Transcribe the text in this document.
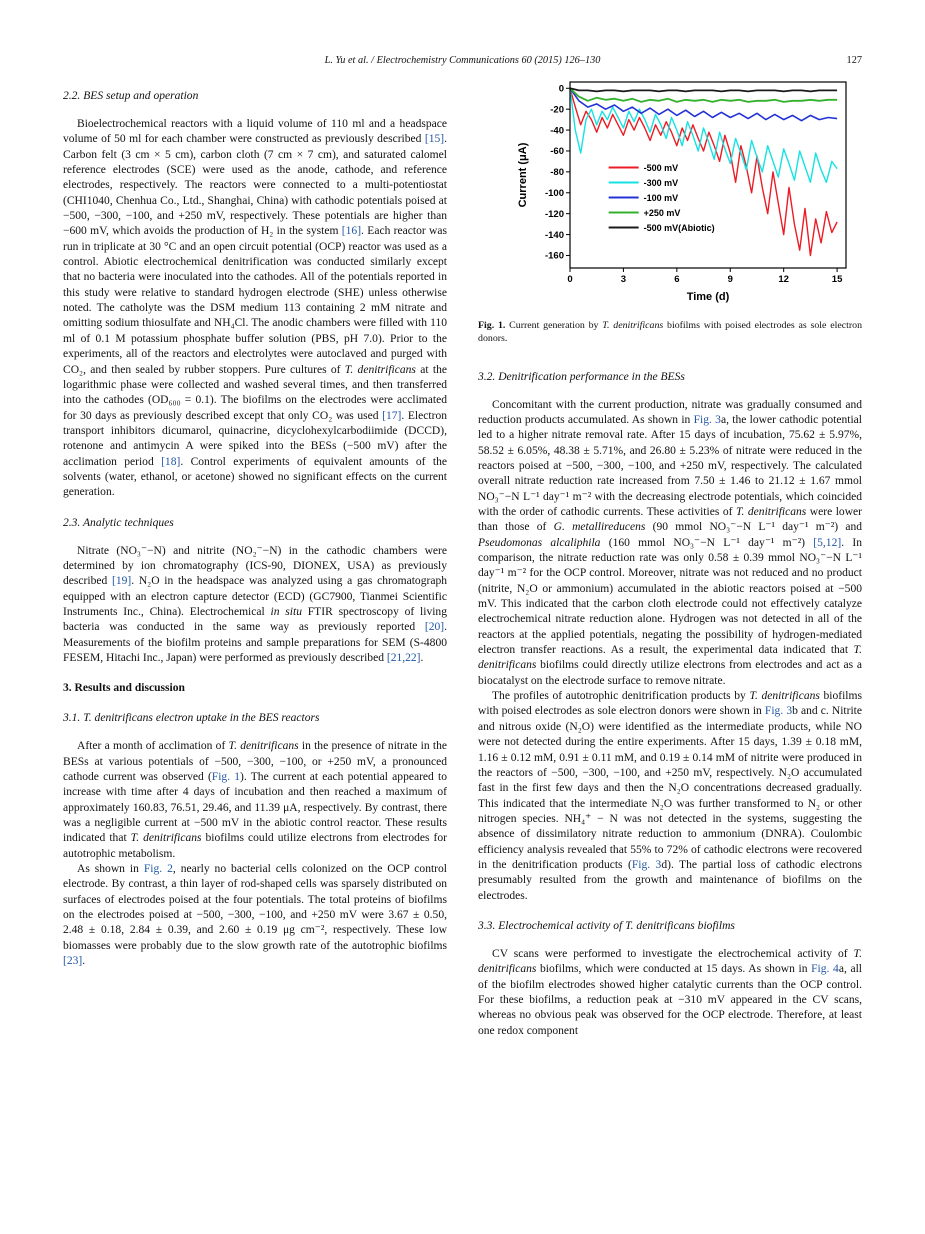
L. Yu et al. / Electrochemistry Communications 60 (2015) 126–130	127
2.2. BES setup and operation

Bioelectrochemical reactors with a liquid volume of 110 ml and a headspace volume of 50 ml for each chamber were constructed as previously described [15]. Carbon felt (3 cm × 5 cm), carbon cloth (7 cm × 7 cm), and saturated calomel reference electrodes (SCE) were used as the anode, cathode, and reference electrodes, respectively. The reactors were connected to a multi-potentiostat (CHI1040, Chenhua Co., Ltd., Shanghai, China) with cathodic potentials poised at −500, −300, −100, and +250 mV, respectively. These potentials are higher than −600 mV, which avoids the production of H₂ in the system [16]. Each reactor was run in triplicate at 30 °C and an open circuit potential (OCP) reactor was used as a control. Abiotic electrochemical denitrification was conducted similarly except that no bacteria were inoculated into the cathodes. All of the potentials reported in this study were relative to standard hydrogen electrode (SHE) unless otherwise noted. The catholyte was the DSM medium 113 containing 2 mM nitrate and omitting sodium thiosulfate and NH₄Cl. The anodic chambers were filled with 110 ml of 0.1 M potassium phosphate buffer solution (PBS, pH 7.0). Prior to the experiments, all of the reactors and electrolytes were autoclaved and purged with CO₂, and then sealed by rubber stoppers. Pure cultures of T. denitrificans at the logarithmic phase were collected and washed several times, and then transferred into the cathodes (OD₆₀₀ = 0.1). The biofilms on the electrodes were acclimated for 30 days as previously described except that only CO₂ was used [17]. Electron transport inhibitors dicumarol, quinacrine, dicyclohexylcarbodiimide (DCCD), rotenone and antimycin A were spiked into the BESs (−500 mV) after the acclimation period [18]. Control experiments of equivalent amounts of the solvents (water, ethanol, or acetone) showed no significant effects on the current generation.

2.3. Analytic techniques

Nitrate (NO₃⁻−N) and nitrite (NO₂⁻−N) in the cathodic chambers were determined by ion chromatography (ICS-90, DIONEX, USA) as previously described [19]. N₂O in the headspace was analyzed using a gas chromatograph equipped with an electron capture detector (ECD) (GC7900, Tianmei Scientific Instruments Inc., China). Electrochemical in situ FTIR spectroscopy of living bacteria was conducted in the same way as previously reported [20]. Measurements of the biofilm proteins and sample preparations for SEM (S-4800 FESEM, Hitachi Inc., Japan) were performed as previously described [21,22].

3. Results and discussion
3.1. T. denitrificans electron uptake in the BES reactors

After a month of acclimation of T. denitrificans in the presence of nitrate in the BESs at various potentials of −500, −300, −100, or +250 mV, a pronounced cathode current was observed (Fig. 1). The current at each potential appeared to increase with time after 4 days of incubation and then reached a maximum of approximately 160.83, 76.51, 29.46, and 11.39 μA, respectively. By contrast, there was a negligible current at −500 mV in the abiotic control reactor. These results indicated that T. denitrificans biofilms could utilize electrons from electrodes for autotrophic metabolism.

As shown in Fig. 2, nearly no bacterial cells colonized on the OCP control electrode. By contrast, a thin layer of rod-shaped cells was sparsely distributed on surfaces of electrodes poised at the four potentials. The total proteins of biofilms on the electrodes poised at −500, −300, −100, and +250 mV were 3.67 ± 0.50, 2.48 ± 0.18, 2.84 ± 0.39, and 2.60 ± 0.19 μg cm⁻², respectively. These low biomasses were probably due to the slow growth rate of the autotrophic biofilms [23].

0
-20
-40
-60
-80
-100
-120
-140
-160
0	3	6	9	12	15
-500 mV
-300 mV
-100 mV
+250 mV
-500 mV(Abiotic)
Time (d)
Current (μA)
Fig. 1. Current generation by T. denitrificans biofilms with poised electrodes as sole electron donors.
3.2. Denitrification performance in the BESs

Concomitant with the current production, nitrate was gradually consumed and reduction products accumulated. As shown in Fig. 3a, the lower cathodic potential led to a higher nitrate removal rate. After 15 days of incubation, 75.62 ± 5.97%, 58.52 ± 6.05%, 48.38 ± 5.71%, and 26.80 ± 5.23% of nitrate were reduced in the reactors poised at −500, −300, −100, and +250 mV, respectively. The calculated overall nitrate reduction rate increased from 7.50 ± 1.46 to 21.12 ± 1.67 mmol NO₃⁻−N L⁻¹ day⁻¹ m⁻² with the decreasing electrode potentials, which coincided with the order of cathodic currents. These activities of T. denitrificans were lower than those of G. metallireducens (90 mmol NO₃⁻−N L⁻¹ day⁻¹ m⁻²) and Pseudomonas alcaliphila (160 mmol NO₃⁻−N L⁻¹ day⁻¹ m⁻²) [5,12]. In comparison, the nitrate reduction rate was only 0.58 ± 0.39 mmol NO₃⁻−N L⁻¹ day⁻¹ m⁻² for the OCP control. Moreover, nitrate was not reduced and no product (nitrite, N₂O or ammonium) accumulated in the abiotic reactors poised at −500 mV. This indicated that the carbon cloth electrode could not effectively catalyze electrochemical nitrate reduction alone. Hydrogen was not detected in all of the reactors at the applied potentials, negating the possibility of hydrogen-mediated electron transfer reactions. As a result, the experimental data indicated that T. denitrificans biofilms could directly utilize electrons from electrodes and act as a biocatalyst on the electrode surface to remove nitrate.

The profiles of autotrophic denitrification products by T. denitrificans biofilms with poised electrodes as sole electron donors were shown in Fig. 3b and c. Nitrite and nitrous oxide (N₂O) were identified as the intermediate products, while NO were not detected during the entire experiments. After 15 days, 1.39 ± 0.18 mM, 1.16 ± 0.12 mM, 0.91 ± 0.11 mM, and 0.19 ± 0.14 mM of nitrite were produced in the reactors of −500, −300, −100, and +250 mV, respectively. N₂O accumulated fast in the first few days and then the N₂O concentrations decreased gradually. This indicated that the intermediate N₂O was further transformed to N₂ or other nitrogen species. NH₄⁺ − N was not detected in the systems, suggesting the absence of dissimilatory nitrate reduction to ammonium (DNRA). Coulombic efficiency analysis revealed that 55% to 72% of cathodic electrons were recovered in the denitrification products (Fig. 3d). The partial loss of cathodic electrons presumably resulted from the growth and maintenance of biofilms on the electrodes.

3.3. Electrochemical activity of T. denitrificans biofilms

CV scans were performed to investigate the electrochemical activity of T. denitrificans biofilms, which were conducted at 15 days. As shown in Fig. 4a, all of the biofilm electrodes showed higher catalytic currents than the OCP control. For these biofilms, a reduction peak at −310 mV appeared in the CV scans, whereas no obvious peak was observed for the OCP electrode. Therefore, at least one redox component
